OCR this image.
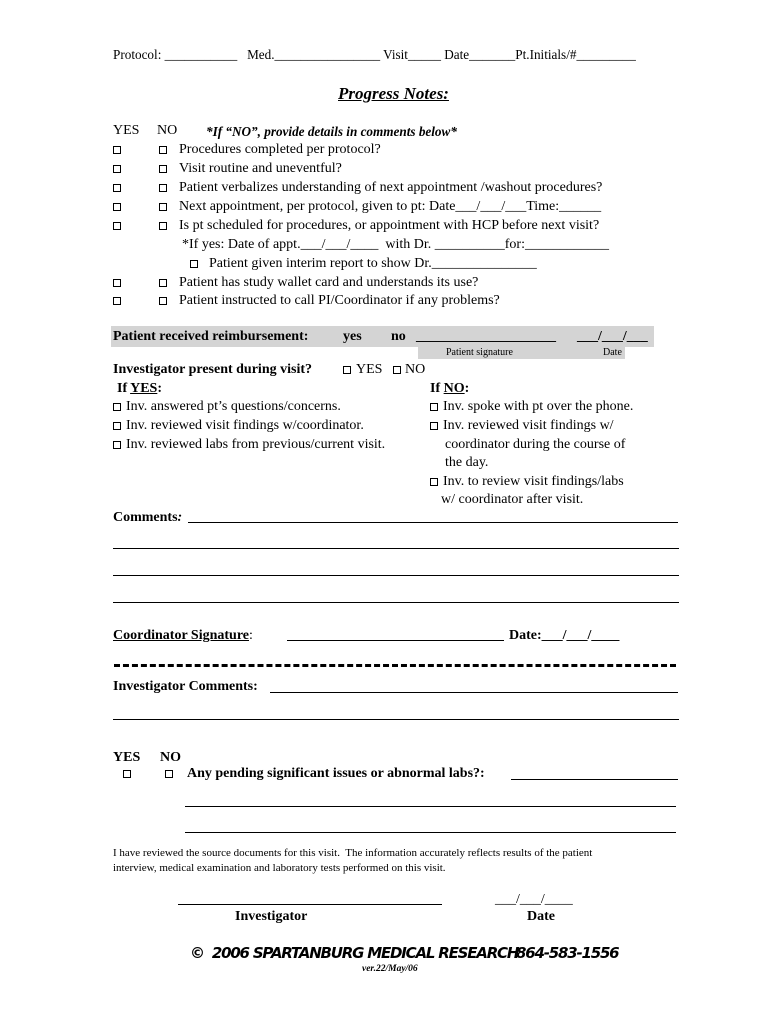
Protocol: ___________   Med.________________ Visit_____ Date_______Pt.Initials/#_________
Progress Notes:
YES NO *If “NO”, provide details in comments below*
Procedures completed per protocol?
Visit routine and uneventful?
Patient verbalizes understanding of next appointment /washout procedures?
Next appointment, per protocol, given to pt: Date___/___/___Time:______
Is pt scheduled for procedures, or appointment with HCP before next visit?
*If yes: Date of appt.___/___/____  with Dr. __________for:____________
Patient given interim report to show Dr._______________
Patient has study wallet card and understands its use?
Patient instructed to call PI/Coordinator if any problems?
Patient received reimbursement: yes no ____________________ ___/___/___
Patient signature	Date
Investigator present during visit?	YES NO
If YES:	If NO:
Inv. answered pt’s questions/concerns.
Inv. reviewed visit findings w/coordinator.
Inv. reviewed labs from previous/current visit.
Inv. spoke with pt over the phone.
Inv. reviewed visit findings w/
coordinator during the course of
the day.
Inv. to review visit findings/labs
w/ coordinator after visit.
Comments:
Coordinator Signature:	Date:___/___/____
Investigator Comments:
YES NO
Any pending significant issues or abnormal labs?:
I have reviewed the source documents for this visit.  The information accurately reflects results of the patient
interview, medical examination and laboratory tests performed on this visit.
Investigator
___/___/____
Date
©  2006 SPARTANBURG MEDICAL RESEARCH
864-583-1556
ver.22/May/06
